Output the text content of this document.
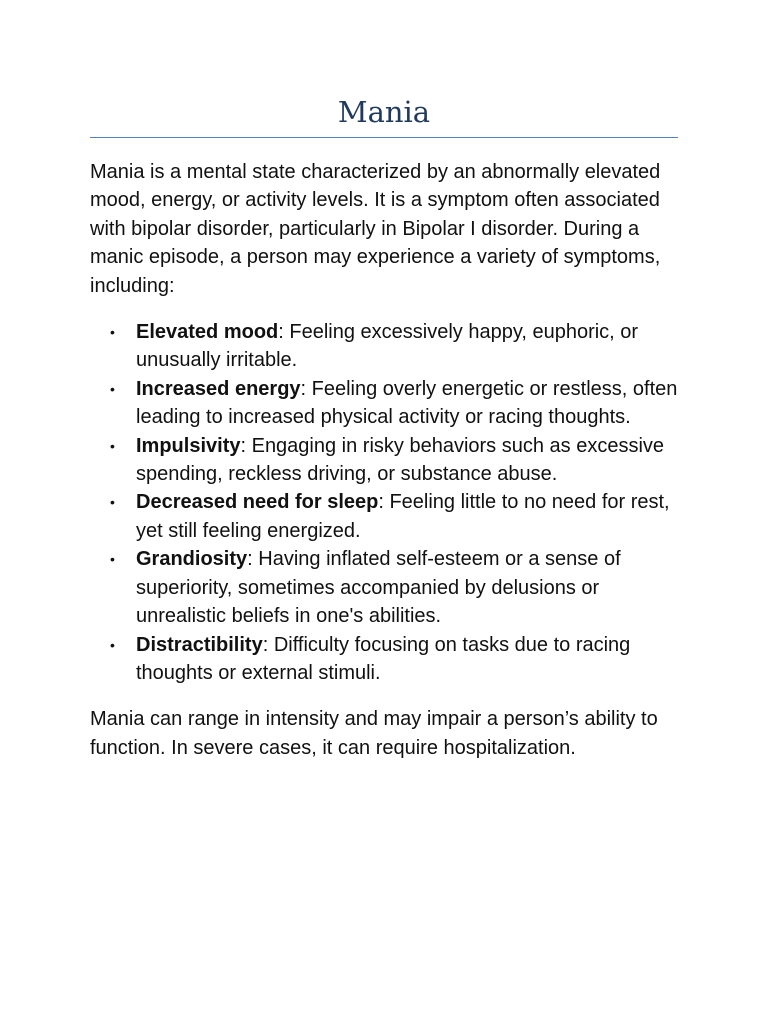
Mania

Mania is a mental state characterized by an abnormally elevated mood, energy, or activity levels. It is a symptom often associated with bipolar disorder, particularly in Bipolar I disorder. During a manic episode, a person may experience a variety of symptoms, including:

• Elevated mood: Feeling excessively happy, euphoric, or unusually irritable.
• Increased energy: Feeling overly energetic or restless, often leading to increased physical activity or racing thoughts.
• Impulsivity: Engaging in risky behaviors such as excessive spending, reckless driving, or substance abuse.
• Decreased need for sleep: Feeling little to no need for rest, yet still feeling energized.
• Grandiosity: Having inflated self-esteem or a sense of superiority, sometimes accompanied by delusions or unrealistic beliefs in one's abilities.
• Distractibility: Difficulty focusing on tasks due to racing thoughts or external stimuli.

Mania can range in intensity and may impair a person’s ability to function. In severe cases, it can require hospitalization.
